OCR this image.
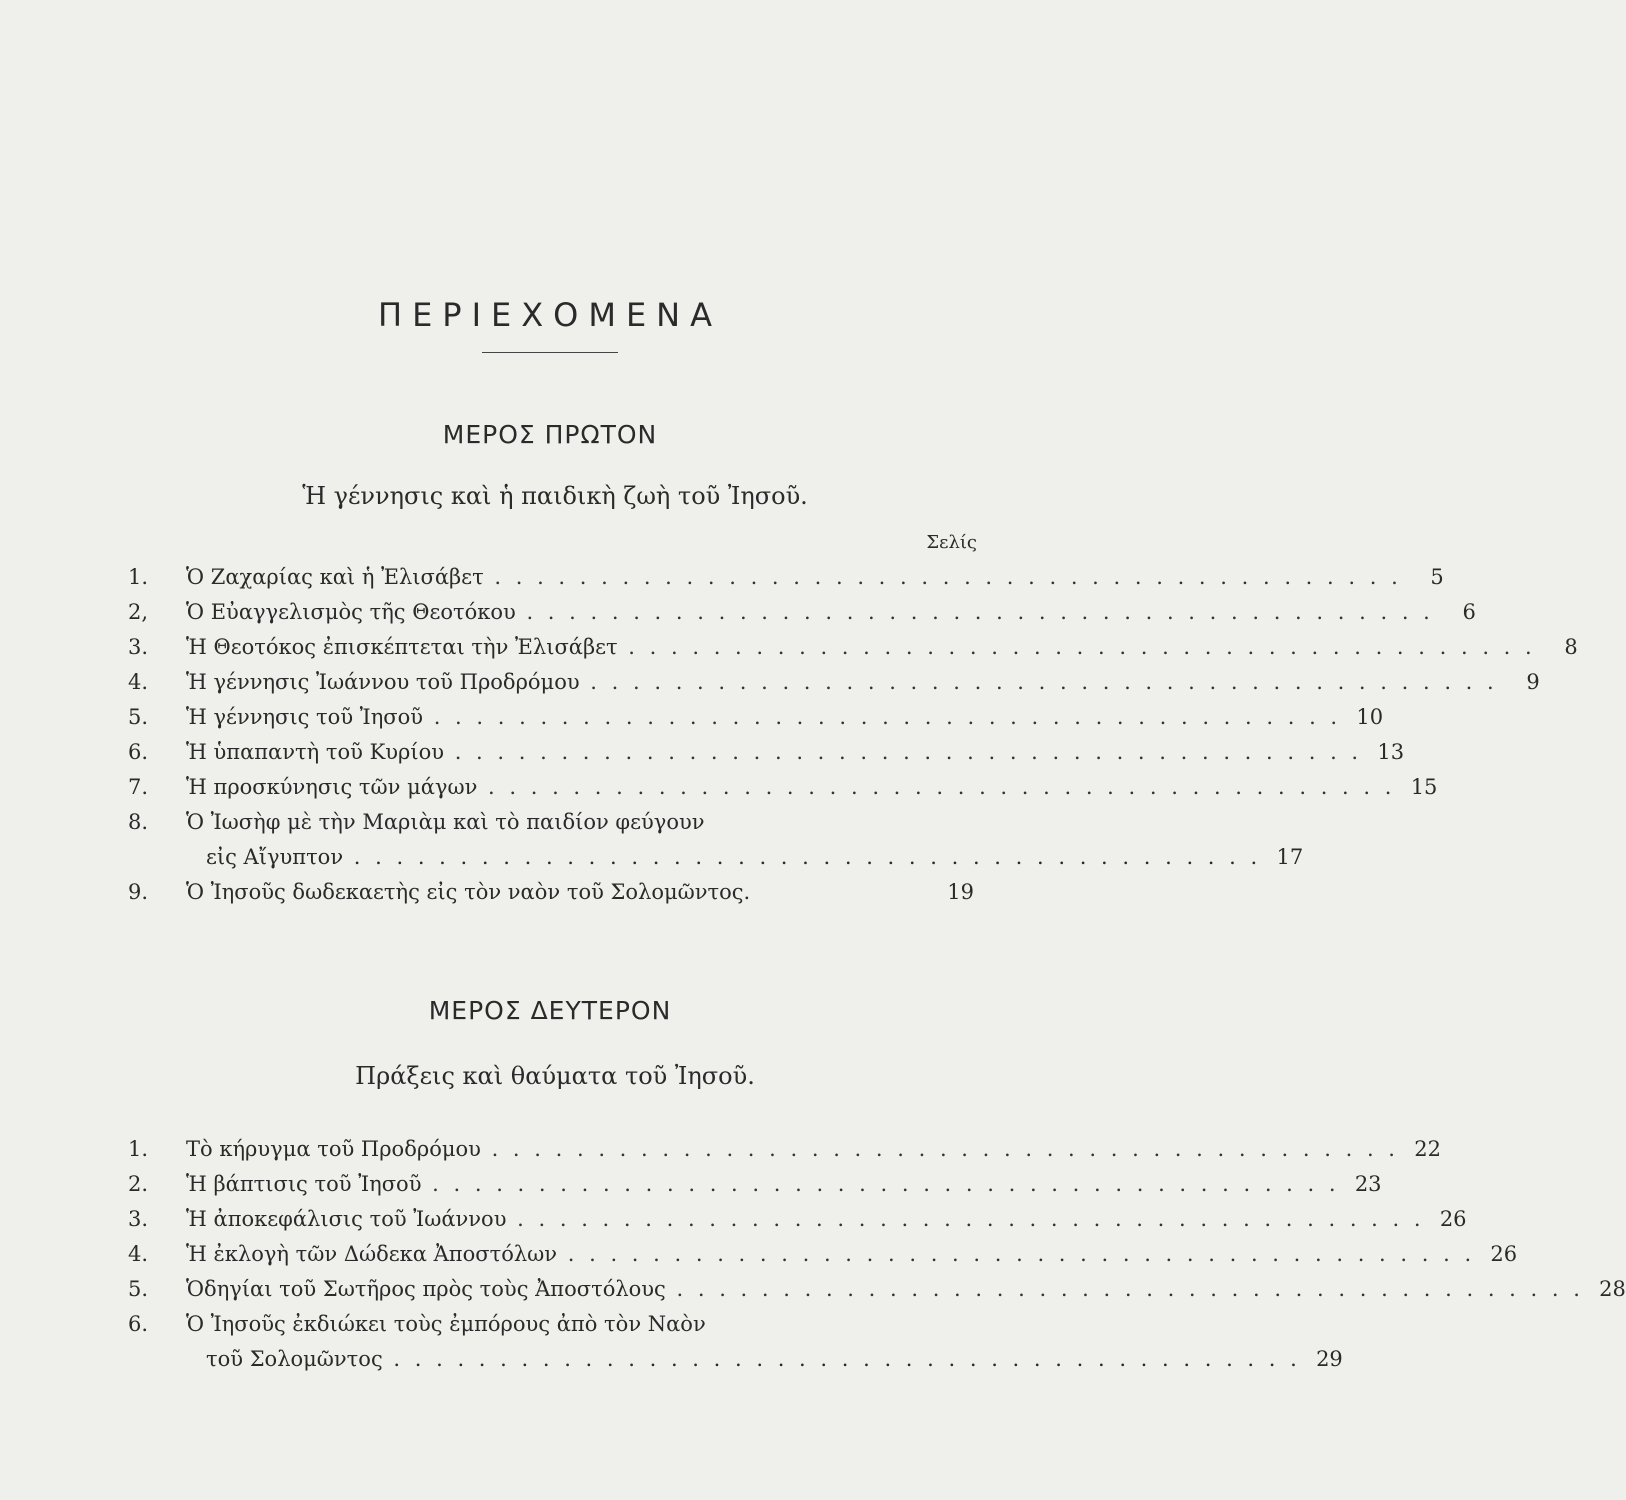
ΠΕΡΙΕΧΟΜΕΝΑ
ΜΕΡΟΣ ΠΡΩΤΟΝ
Ἡ γέννησις καὶ ἡ παιδικὴ ζωὴ τοῦ Ἰησοῦ.
Σελίς
1.	Ὁ Ζαχαρίας καὶ ἡ Ἐλισάβετ . . .	5
2,	Ὁ Εὐαγγελισμὸς τῆς Θεοτόκου . . .	6
3.	Ἡ Θεοτόκος ἐπισκέπτεται τὴν Ἐλισάβετ . . .	8
4.	Ἡ γέννησις Ἰωάννου τοῦ Προδρόμου . . .	9
5.	Ἡ γέννησις τοῦ Ἰησοῦ . . .	10
6.	Ἡ ὑπαπαντὴ τοῦ Κυρίου . . .	13
7.	Ἡ προσκύνησις τῶν μάγων . . .	15
8.	Ὁ Ἰωσὴφ μὲ τὴν Μαριὰμ καὶ τὸ παιδίον φεύγουν
εἰς Αἴγυπτον . . .	17
9.	Ὁ Ἰησοῦς δωδεκαετὴς εἰς τὸν ναὸν τοῦ Σολομῶντος.	19
ΜΕΡΟΣ ΔΕΥΤΕΡΟΝ
Πράξεις καὶ θαύματα τοῦ Ἰησοῦ.
1.	Τὸ κήρυγμα τοῦ Προδρόμου . . .	22
2.	Ἡ βάπτισις τοῦ Ἰησοῦ . . .	23
3.	Ἡ ἀποκεφάλισις τοῦ Ἰωάννου . . .	26
4.	Ἡ ἐκλογὴ τῶν Δώδεκα Ἀποστόλων . . .	26
5.	Ὁδηγίαι τοῦ Σωτῆρος πρὸς τοὺς Ἀποστόλους . . .	28
6.	Ὁ Ἰησοῦς ἐκδιώκει τοὺς ἐμπόρους ἀπὸ τὸν Ναὸν
τοῦ Σολομῶντος . . .	29
